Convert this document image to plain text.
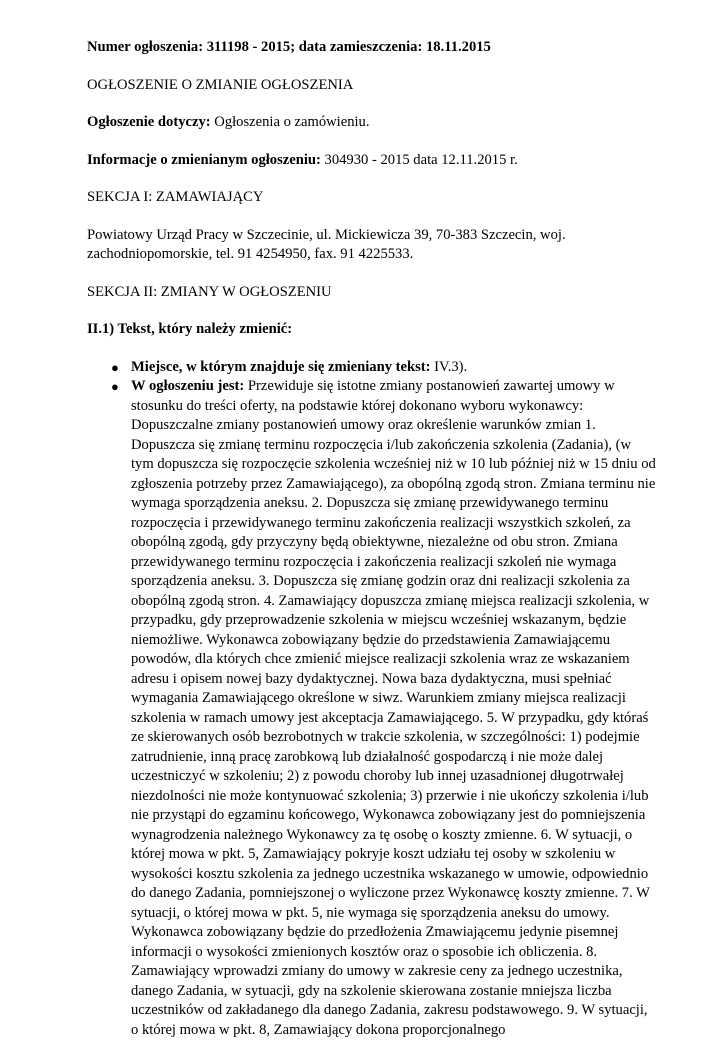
Numer ogłoszenia: 311198 - 2015; data zamieszczenia: 18.11.2015

OGŁOSZENIE O ZMIANIE OGŁOSZENIA

Ogłoszenie dotyczy: Ogłoszenia o zamówieniu.

Informacje o zmienianym ogłoszeniu: 304930 - 2015 data 12.11.2015 r.

SEKCJA I: ZAMAWIAJĄCY

Powiatowy Urząd Pracy w Szczecinie, ul. Mickiewicza 39, 70-383 Szczecin, woj. zachodniopomorskie, tel. 91 4254950, fax. 91 4225533.

SEKCJA II: ZMIANY W OGŁOSZENIU

II.1) Tekst, który należy zmienić:

● Miejsce, w którym znajduje się zmieniany tekst: IV.3).
● W ogłoszeniu jest: Przewiduje się istotne zmiany postanowień zawartej umowy w stosunku do treści oferty, na podstawie której dokonano wyboru wykonawcy: Dopuszczalne zmiany postanowień umowy oraz określenie warunków zmian 1. Dopuszcza się zmianę terminu rozpoczęcia i/lub zakończenia szkolenia (Zadania), (w tym dopuszcza się rozpoczęcie szkolenia wcześniej niż w 10 lub później niż w 15 dniu od zgłoszenia potrzeby przez Zamawiającego), za obopólną zgodą stron. Zmiana terminu nie wymaga sporządzenia aneksu. 2. Dopuszcza się zmianę przewidywanego terminu rozpoczęcia i przewidywanego terminu zakończenia realizacji wszystkich szkoleń, za obopólną zgodą, gdy przyczyny będą obiektywne, niezależne od obu stron. Zmiana przewidywanego terminu rozpoczęcia i zakończenia realizacji szkoleń nie wymaga sporządzenia aneksu. 3. Dopuszcza się zmianę godzin oraz dni realizacji szkolenia za obopólną zgodą stron. 4. Zamawiający dopuszcza zmianę miejsca realizacji szkolenia, w przypadku, gdy przeprowadzenie szkolenia w miejscu wcześniej wskazanym, będzie niemożliwe. Wykonawca zobowiązany będzie do przedstawienia Zamawiającemu powodów, dla których chce zmienić miejsce realizacji szkolenia wraz ze wskazaniem adresu i opisem nowej bazy dydaktycznej. Nowa baza dydaktyczna, musi spełniać wymagania Zamawiającego określone w siwz. Warunkiem zmiany miejsca realizacji szkolenia w ramach umowy jest akceptacja Zamawiającego. 5. W przypadku, gdy któraś ze skierowanych osób bezrobotnych w trakcie szkolenia, w szczególności: 1) podejmie zatrudnienie, inną pracę zarobkową lub działalność gospodarczą i nie może dalej uczestniczyć w szkoleniu; 2) z powodu choroby lub innej uzasadnionej długotrwałej niezdolności nie może kontynuować szkolenia; 3) przerwie i nie ukończy szkolenia i/lub nie przystąpi do egzaminu końcowego, Wykonawca zobowiązany jest do pomniejszenia wynagrodzenia należnego Wykonawcy za tę osobę o koszty zmienne. 6. W sytuacji, o której mowa w pkt. 5, Zamawiający pokryje koszt udziału tej osoby w szkoleniu w wysokości kosztu szkolenia za jednego uczestnika wskazanego w umowie, odpowiednio do danego Zadania, pomniejszonej o wyliczone przez Wykonawcę koszty zmienne. 7. W sytuacji, o której mowa w pkt. 5, nie wymaga się sporządzenia aneksu do umowy. Wykonawca zobowiązany będzie do przedłożenia Zmawiającemu jedynie pisemnej informacji o wysokości zmienionych kosztów oraz o sposobie ich obliczenia. 8. Zamawiający wprowadzi zmiany do umowy w zakresie ceny za jednego uczestnika, danego Zadania, w sytuacji, gdy na szkolenie skierowana zostanie mniejsza liczba uczestników od zakładanego dla danego Zadania, zakresu podstawowego. 9. W sytuacji, o której mowa w pkt. 8, Zamawiający dokona proporcjonalnego
